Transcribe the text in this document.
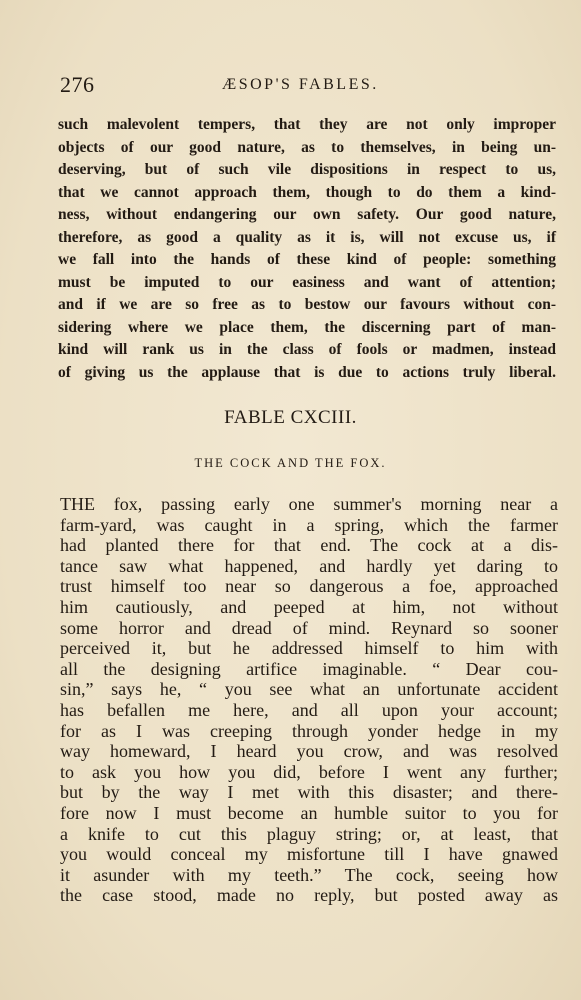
276	ÆSOP'S FABLES.
such malevolent tempers, that they are not only improper
objects of our good nature, as to themselves, in being un-
deserving, but of such vile dispositions in respect to us,
that we cannot approach them, though to do them a kind-
ness, without endangering our own safety. Our good nature,
therefore, as good a quality as it is, will not excuse us, if
we fall into the hands of these kind of people: something
must be imputed to our easiness and want of attention;
and if we are so free as to bestow our favours without con-
sidering where we place them, the discerning part of man-
kind will rank us in the class of fools or madmen, instead
of giving us the applause that is due to actions truly liberal.
FABLE CXCIII.
THE COCK AND THE FOX.
THE fox, passing early one summer's morning near a
farm-yard, was caught in a spring, which the farmer
had planted there for that end. The cock at a dis-
tance saw what happened, and hardly yet daring to
trust himself too near so dangerous a foe, approached
him cautiously, and peeped at him, not without
some horror and dread of mind. Reynard so sooner
perceived it, but he addressed himself to him with
all the designing artifice imaginable. “ Dear cou-
sin,” says he, “ you see what an unfortunate accident
has befallen me here, and all upon your account;
for as I was creeping through yonder hedge in my
way homeward, I heard you crow, and was resolved
to ask you how you did, before I went any further;
but by the way I met with this disaster; and there-
fore now I must become an humble suitor to you for
a knife to cut this plaguy string; or, at least, that
you would conceal my misfortune till I have gnawed
it asunder with my teeth.” The cock, seeing how
the case stood, made no reply, but posted away as
